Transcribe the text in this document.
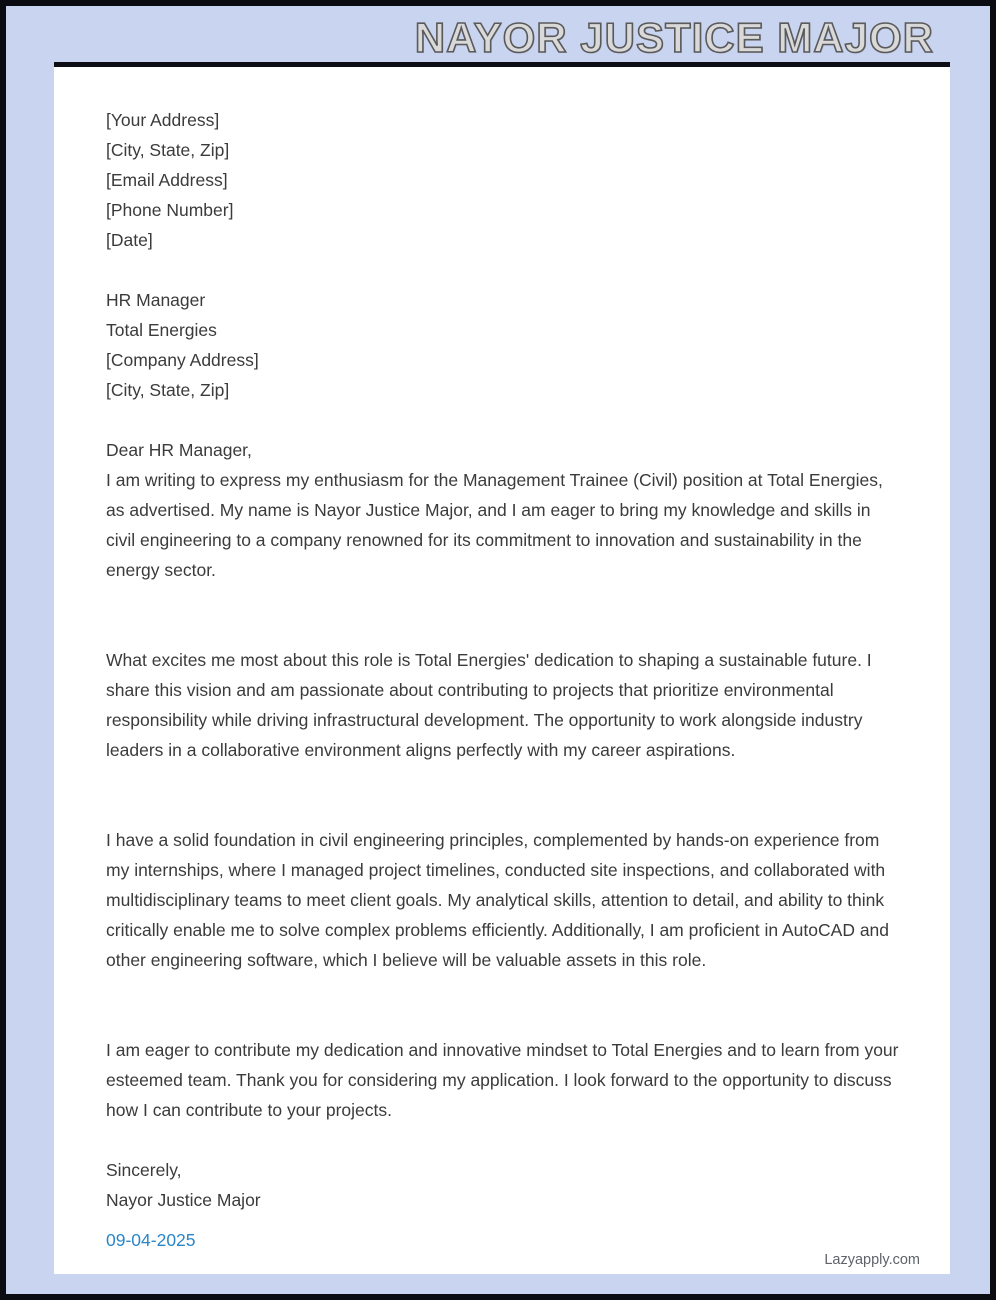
NAYOR JUSTICE MAJOR
[Your Address]
[City, State, Zip]
[Email Address]
[Phone Number]
[Date]
HR Manager
Total Energies
[Company Address]
[City, State, Zip]
Dear HR Manager,

I am writing to express my enthusiasm for the Management Trainee (Civil) position at Total Energies, as advertised. My name is Nayor Justice Major, and I am eager to bring my knowledge and skills in civil engineering to a company renowned for its commitment to innovation and sustainability in the energy sector.

What excites me most about this role is Total Energies' dedication to shaping a sustainable future. I share this vision and am passionate about contributing to projects that prioritize environmental responsibility while driving infrastructural development. The opportunity to work alongside industry leaders in a collaborative environment aligns perfectly with my career aspirations.

I have a solid foundation in civil engineering principles, complemented by hands-on experience from my internships, where I managed project timelines, conducted site inspections, and collaborated with multidisciplinary teams to meet client goals. My analytical skills, attention to detail, and ability to think critically enable me to solve complex problems efficiently. Additionally, I am proficient in AutoCAD and other engineering software, which I believe will be valuable assets in this role.

I am eager to contribute my dedication and innovative mindset to Total Energies and to learn from your esteemed team. Thank you for considering my application. I look forward to the opportunity to discuss how I can contribute to your projects.

Sincerely,
Nayor Justice Major
09-04-2025
Lazyapply.com
